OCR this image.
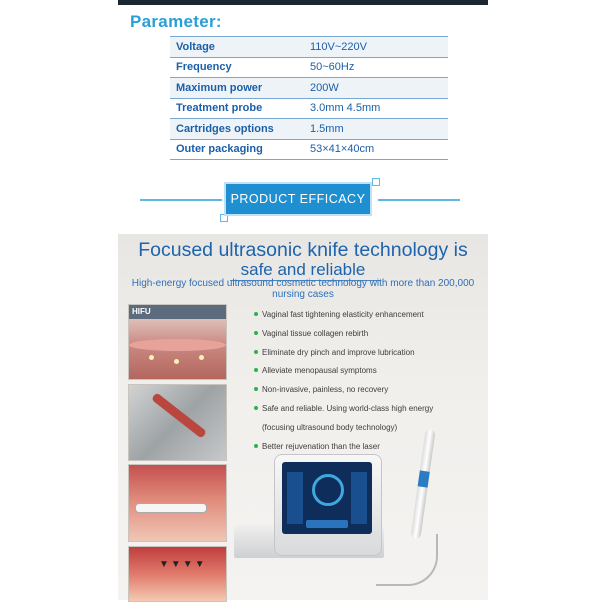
Parameter:
Voltage	110V~220V
Frequency	50~60Hz
Maximum power	200W
Treatment probe	3.0mm 4.5mm
Cartridges options	1.5mm
Outer packaging	53×41×40cm
PRODUCT EFFICACY
Focused ultrasonic knife technology is
safe and reliable
High-energy focused ultrasound cosmetic technology with more than 200,000 nursing cases
HIFU
▼▼▼▼
Vaginal fast tightening elasticity enhancement
Vaginal tissue collagen rebirth
Eliminate dry pinch and improve lubrication
Alleviate menopausal symptoms
Non-invasive, painless, no recovery
Safe and reliable. Using world-class high energy
(focusing ultrasound body technology)
Better rejuvenation than the laser
